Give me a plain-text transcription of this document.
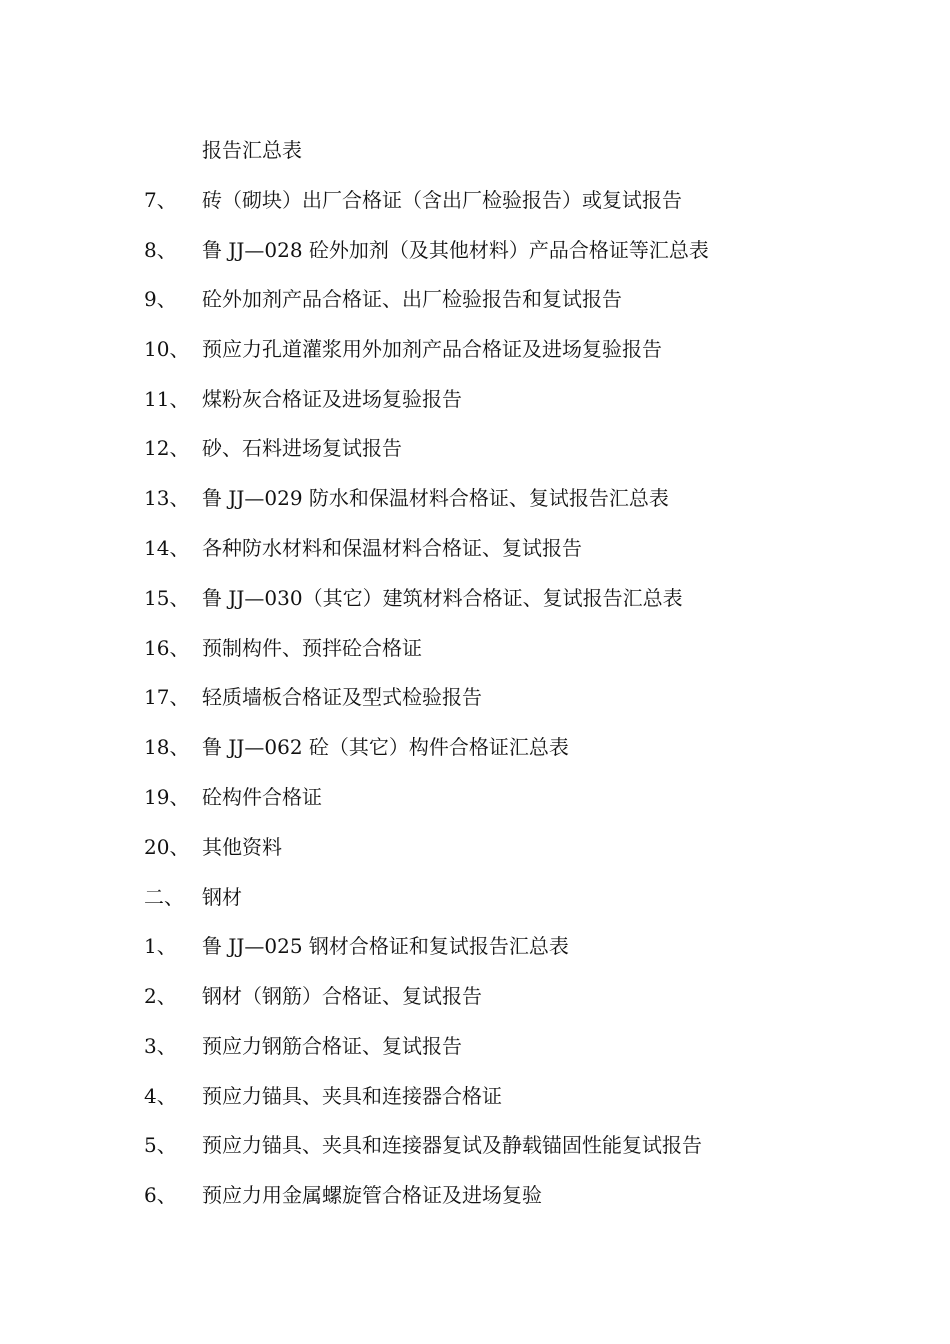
报告汇总表
7、 砖（砌块）出厂合格证（含出厂检验报告）或复试报告
8、 鲁 JJ—028 砼外加剂（及其他材料）产品合格证等汇总表
9、 砼外加剂产品合格证、出厂检验报告和复试报告
10、 预应力孔道灌浆用外加剂产品合格证及进场复验报告
11、 煤粉灰合格证及进场复验报告
12、 砂、石料进场复试报告
13、 鲁 JJ—029 防水和保温材料合格证、复试报告汇总表
14、 各种防水材料和保温材料合格证、复试报告
15、 鲁 JJ—030（其它）建筑材料合格证、复试报告汇总表
16、 预制构件、预拌砼合格证
17、 轻质墙板合格证及型式检验报告
18、 鲁 JJ—062 砼（其它）构件合格证汇总表
19、 砼构件合格证
20、 其他资料
二、 钢材
1、 鲁 JJ—025 钢材合格证和复试报告汇总表
2、 钢材（钢筋）合格证、复试报告
3、 预应力钢筋合格证、复试报告
4、 预应力锚具、夹具和连接器合格证
5、 预应力锚具、夹具和连接器复试及静载锚固性能复试报告
6、 预应力用金属螺旋管合格证及进场复验
